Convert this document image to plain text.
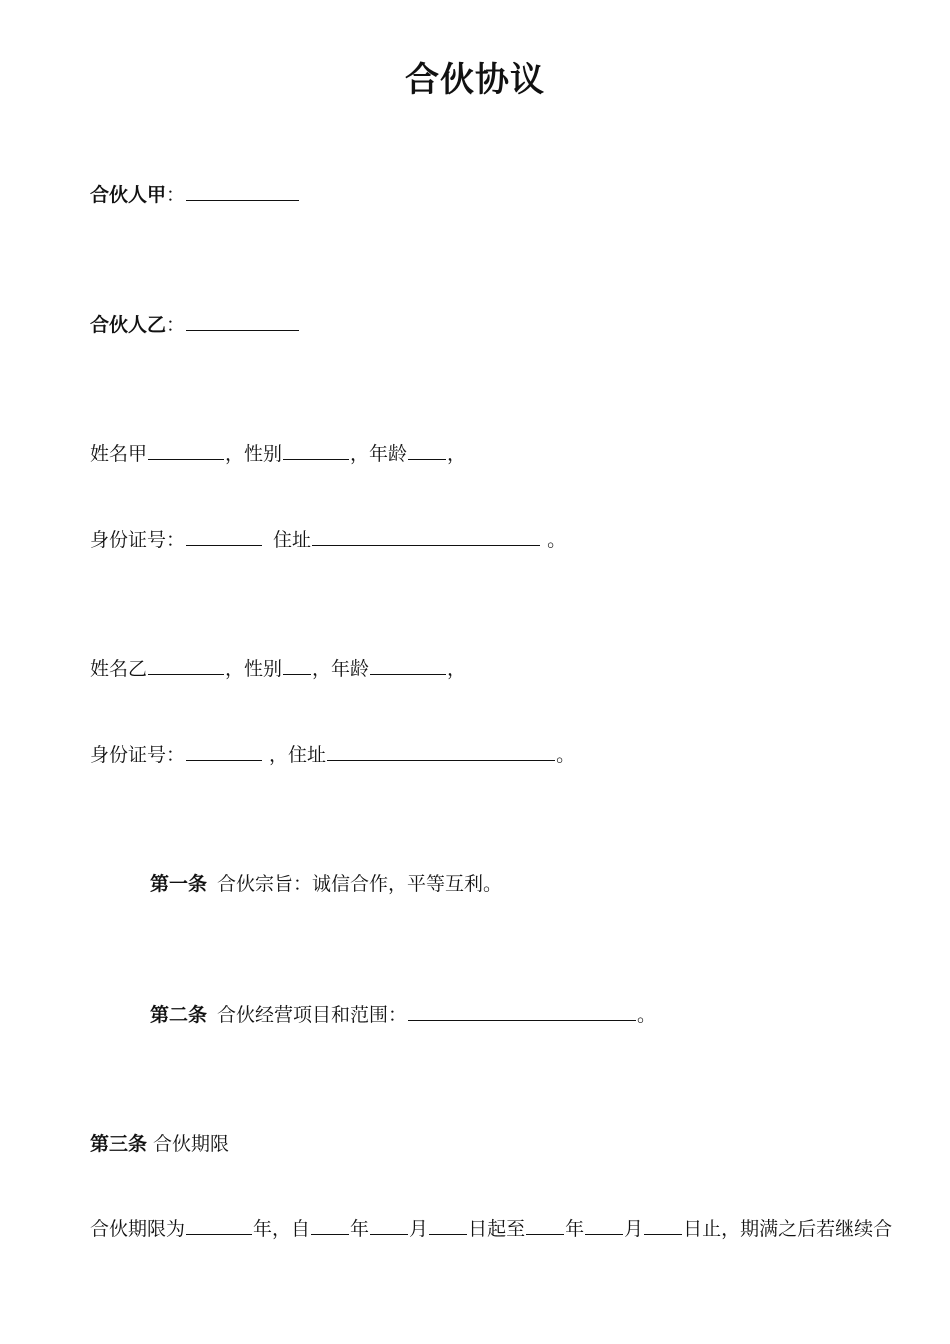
合伙协议
合伙人甲：
合伙人乙：
姓名甲	，性别	，年龄 ，
身份证号：	住址	。
姓名乙	，性别 ，年龄	，
身份证号：	，住址	。
第一条 合伙宗旨：诚信合作，平等互利。
第二条 合伙经营项目和范围：	。
第三条 合伙期限
合伙期限为	年，自 年 月 日起至 年 月 日止，期满之后若继续合
